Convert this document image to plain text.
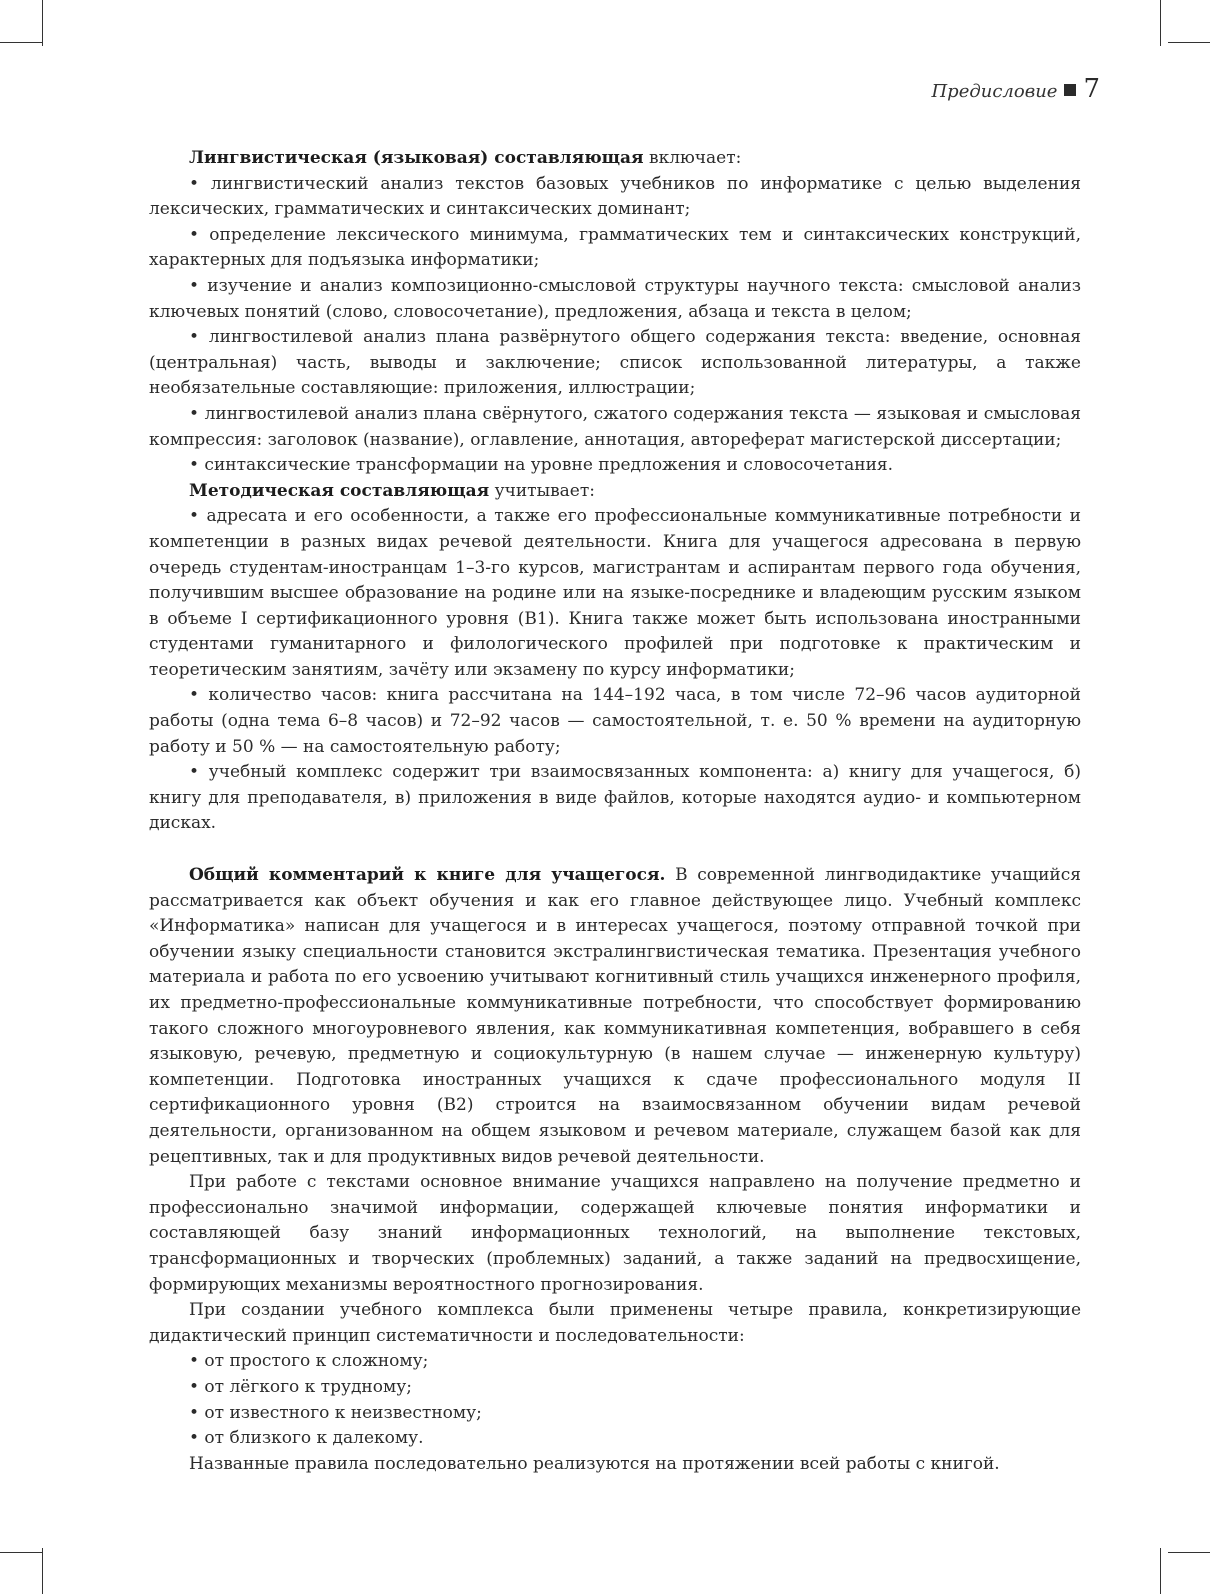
Предисловие 7

Лингвистическая (языковая) составляющая включает:

• лингвистический анализ текстов базовых учебников по информатике с целью выделения лексических, грамматических и синтаксических доминант;

• определение лексического минимума, грамматических тем и синтаксических конструкций, характерных для подъязыка информатики;

• изучение и анализ композиционно-смысловой структуры научного текста: смысловой анализ ключевых понятий (слово, словосочетание), предложения, абзаца и текста в целом;

• лингвостилевой анализ плана развёрнутого общего содержания текста: введение, основная (центральная) часть, выводы и заключение; список использованной литературы, а также необязательные составляющие: приложения, иллюстрации;

• лингвостилевой анализ плана свёрнутого, сжатого содержания текста — языковая и смысловая компрессия: заголовок (название), оглавление, аннотация, автореферат магистерской диссертации;

• синтаксические трансформации на уровне предложения и словосочетания.

Методическая составляющая учитывает:

• адресата и его особенности, а также его профессиональные коммуникативные потребности и компетенции в разных видах речевой деятельности. Книга для учащегося адресована в первую очередь студентам-иностранцам 1–3-го курсов, магистрантам и аспирантам первого года обучения, получившим высшее образование на родине или на языке-посреднике и владеющим русским языком в объеме I сертификационного уровня (В1). Книга также может быть использована иностранными студентами гуманитарного и филологического профилей при подготовке к практическим и теоретическим занятиям, зачёту или экзамену по курсу информатики;

• количество часов: книга рассчитана на 144–192 часа, в том числе 72–96 часов аудиторной работы (одна тема 6–8 часов) и 72–92 часов — самостоятельной, т. е. 50 % времени на аудиторную работу и 50 % — на самостоятельную работу;

• учебный комплекс содержит три взаимосвязанных компонента: а) книгу для учащегося, б) книгу для преподавателя, в) приложения в виде файлов, которые находятся аудио- и компьютерном дисках.

Общий комментарий к книге для учащегося. В современной лингводидактике учащийся рассматривается как объект обучения и как его главное действующее лицо. Учебный комплекс «Информатика» написан для учащегося и в интересах учащегося, поэтому отправной точкой при обучении языку специальности становится экстралингвистическая тематика. Презентация учебного материала и работа по его усвоению учитывают когнитивный стиль учащихся инженерного профиля, их предметно-профессиональные коммуникативные потребности, что способствует формированию такого сложного многоуровневого явления, как коммуникативная компетенция, вобравшего в себя языковую, речевую, предметную и социокультурную (в нашем случае — инженерную культуру) компетенции. Подготовка иностранных учащихся к сдаче профессионального модуля II сертификационного уровня (В2) строится на взаимосвязанном обучении видам речевой деятельности, организованном на общем языковом и речевом материале, служащем базой как для рецептивных, так и для продуктивных видов речевой деятельности.

При работе с текстами основное внимание учащихся направлено на получение предметно и профессионально значимой информации, содержащей ключевые понятия информатики и составляющей базу знаний информационных технологий, на выполнение текстовых, трансформационных и творческих (проблемных) заданий, а также заданий на предвосхищение, формирующих механизмы вероятностного прогнозирования.

При создании учебного комплекса были применены четыре правила, конкретизирующие дидактический принцип систематичности и последовательности:

• от простого к сложному;

• от лёгкого к трудному;

• от известного к неизвестному;

• от близкого к далекому.

Названные правила последовательно реализуются на протяжении всей работы с книгой.
